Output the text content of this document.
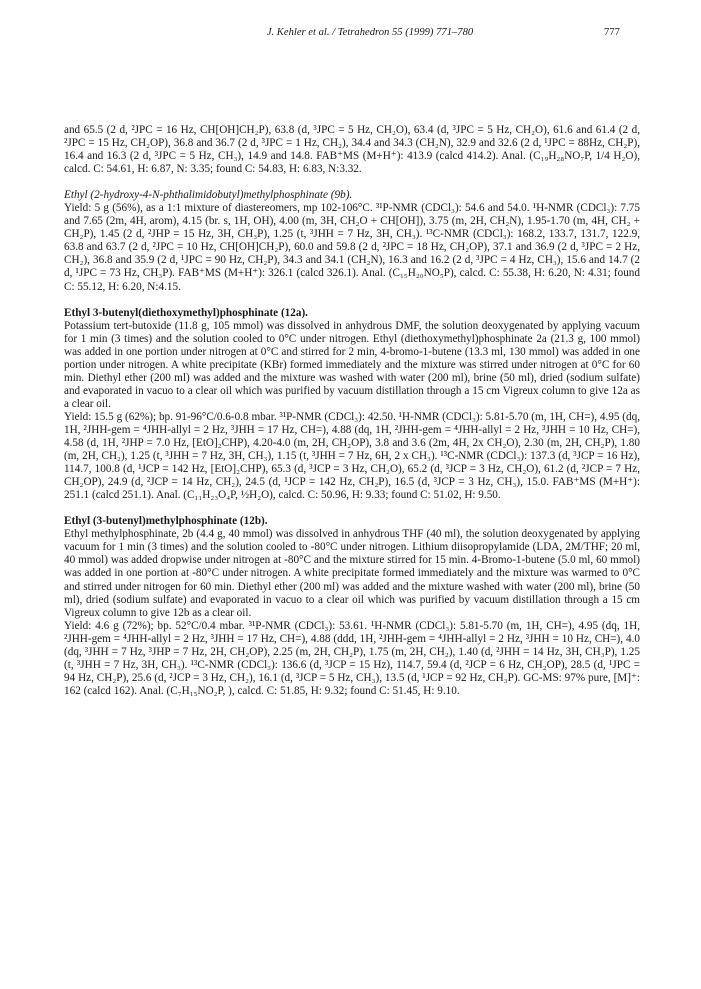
J. Kehler et al. / Tetrahedron 55 (1999) 771–780	777

and 65.5 (2 d, ²JPC = 16 Hz, CH[OH]CH₂P), 63.8 (d, ³JPC = 5 Hz, CH₂O), 63.4 (d, ³JPC = 5 Hz, CH₂O), 61.6 and 61.4 (2 d, ²JPC = 15 Hz, CH₂OP), 36.8 and 36.7 (2 d, ³JPC = 1 Hz, CH₂), 34.4 and 34.3 (CH₂N), 32.9 and 32.6 (2 d, ¹JPC = 88Hz, CH₂P), 16.4 and 16.3 (2 d, ³JPC = 5 Hz, CH₃), 14.9 and 14.8. FAB⁺MS (M+H⁺): 413.9 (calcd 414.2). Anal. (C₁₉H₂₈NO₇P, 1/4 H₂O), calcd. C: 54.61, H: 6.87, N: 3.35; found C: 54.83, H: 6.83, N:3.32.

Ethyl (2-hydroxy-4-N-phthalimidobutyl)methylphosphinate (9b).

Yield: 5 g (56%), as a 1:1 mixture of diastereomers, mp 102-106°C. ³¹P-NMR (CDCl₃): 54.6 and 54.0. ¹H-NMR (CDCl₃): 7.75 and 7.65 (2m, 4H, arom), 4.15 (br. s, 1H, OH), 4.00 (m, 3H, CH₂O + CH[OH]), 3.75 (m, 2H, CH₂N), 1.95-1.70 (m, 4H, CH₂ + CH₂P), 1.45 (2 d, ²JHP = 15 Hz, 3H, CH₃P), 1.25 (t, ³JHH = 7 Hz, 3H, CH₃). ¹³C-NMR (CDCl₃): 168.2, 133.7, 131.7, 122.9, 63.8 and 63.7 (2 d, ²JPC = 10 Hz, CH[OH]CH₂P), 60.0 and 59.8 (2 d, ²JPC = 18 Hz, CH₂OP), 37.1 and 36.9 (2 d, ³JPC = 2 Hz, CH₂), 36.8 and 35.9 (2 d, ¹JPC = 90 Hz, CH₂P), 34.3 and 34.1 (CH₂N), 16.3 and 16.2 (2 d, ³JPC = 4 Hz, CH₃), 15.6 and 14.7 (2 d, ¹JPC = 73 Hz, CH₃P). FAB⁺MS (M+H⁺): 326.1 (calcd 326.1). Anal. (C₁₅H₂₀NO₅P), calcd. C: 55.38, H: 6.20, N: 4.31; found C: 55.12, H: 6.20, N:4.15.

Ethyl 3-butenyl(diethoxymethyl)phosphinate (12a).

Potassium tert-butoxide (11.8 g, 105 mmol) was dissolved in anhydrous DMF, the solution deoxygenated by applying vacuum for 1 min (3 times) and the solution cooled to 0°C under nitrogen. Ethyl (diethoxymethyl)phosphinate 2a (21.3 g, 100 mmol) was added in one portion under nitrogen at 0°C and stirred for 2 min, 4-bromo-1-butene (13.3 ml, 130 mmol) was added in one portion under nitrogen. A white precipitate (KBr) formed immediately and the mixture was stirred under nitrogen at 0°C for 60 min. Diethyl ether (200 ml) was added and the mixture was washed with water (200 ml), brine (50 ml), dried (sodium sulfate) and evaporated in vacuo to a clear oil which was purified by vacuum distillation through a 15 cm Vigreux column to give 12a as a clear oil.

Yield: 15.5 g (62%); bp. 91-96°C/0.6-0.8 mbar. ³¹P-NMR (CDCl₃): 42.50. ¹H-NMR (CDCl₃): 5.81-5.70 (m, 1H, CH=), 4.95 (dq, 1H, ²JHH-gem = ⁴JHH-allyl = 2 Hz, ³JHH = 17 Hz, CH=), 4.88 (dq, 1H, ²JHH-gem = ⁴JHH-allyl = 2 Hz, ³JHH = 10 Hz, CH=), 4.58 (d, 1H, ²JHP = 7.0 Hz, [EtO]₂CHP), 4.20-4.0 (m, 2H, CH₂OP), 3.8 and 3.6 (2m, 4H, 2x CH₂O), 2.30 (m, 2H, CH₂P), 1.80 (m, 2H, CH₂), 1.25 (t, ³JHH = 7 Hz, 3H, CH₃), 1.15 (t, ³JHH = 7 Hz, 6H, 2 x CH₃). ¹³C-NMR (CDCl₃): 137.3 (d, ³JCP = 16 Hz), 114.7, 100.8 (d, ¹JCP = 142 Hz, [EtO]₂CHP), 65.3 (d, ³JCP = 3 Hz, CH₂O), 65.2 (d, ³JCP = 3 Hz, CH₂O), 61.2 (d, ²JCP = 7 Hz, CH₂OP), 24.9 (d, ²JCP = 14 Hz, CH₂), 24.5 (d, ¹JCP = 142 Hz, CH₂P), 16.5 (d, ³JCP = 3 Hz, CH₃), 15.0. FAB⁺MS (M+H⁺): 251.1 (calcd 251.1). Anal. (C₁₁H₂₃O₄P, ½H₂O), calcd. C: 50.96, H: 9.33; found C: 51.02, H: 9.50.

Ethyl (3-butenyl)methylphosphinate (12b).

Ethyl methylphosphinate, 2b (4.4 g, 40 mmol) was dissolved in anhydrous THF (40 ml), the solution deoxygenated by applying vacuum for 1 min (3 times) and the solution cooled to -80°C under nitrogen. Lithium diisopropylamide (LDA, 2M/THF; 20 ml, 40 mmol) was added dropwise under nitrogen at -80°C and the mixture stirred for 15 min. 4-Bromo-1-butene (5.0 ml, 60 mmol) was added in one portion at -80°C under nitrogen. A white precipitate formed immediately and the mixture was warmed to 0°C and stirred under nitrogen for 60 min. Diethyl ether (200 ml) was added and the mixture washed with water (200 ml), brine (50 ml), dried (sodium sulfate) and evaporated in vacuo to a clear oil which was purified by vacuum distillation through a 15 cm Vigreux column to give 12b as a clear oil.

Yield: 4.6 g (72%); bp. 52°C/0.4 mbar. ³¹P-NMR (CDCl₃): 53.61. ¹H-NMR (CDCl₃): 5.81-5.70 (m, 1H, CH=), 4.95 (dq, 1H, ²JHH-gem = ⁴JHH-allyl = 2 Hz, ³JHH = 17 Hz, CH=), 4.88 (ddd, 1H, ²JHH-gem = ⁴JHH-allyl = 2 Hz, ³JHH = 10 Hz, CH=), 4.0 (dq, ³JHH = 7 Hz, ³JHP = 7 Hz, 2H, CH₂OP), 2.25 (m, 2H, CH₂P), 1.75 (m, 2H, CH₂), 1.40 (d, ²JHH = 14 Hz, 3H, CH₃P), 1.25 (t, ³JHH = 7 Hz, 3H, CH₃). ¹³C-NMR (CDCl₃): 136.6 (d, ³JCP = 15 Hz), 114.7, 59.4 (d, ²JCP = 6 Hz, CH₂OP), 28.5 (d, ¹JPC = 94 Hz, CH₂P), 25.6 (d, ²JCP = 3 Hz, CH₂), 16.1 (d, ³JCP = 5 Hz, CH₃), 13.5 (d, ¹JCP = 92 Hz, CH₃P). GC-MS: 97% pure, [M]⁺: 162 (calcd 162). Anal. (C₇H₁₅NO₂P, ), calcd. C: 51.85, H: 9.32; found C: 51.45, H: 9.10.
